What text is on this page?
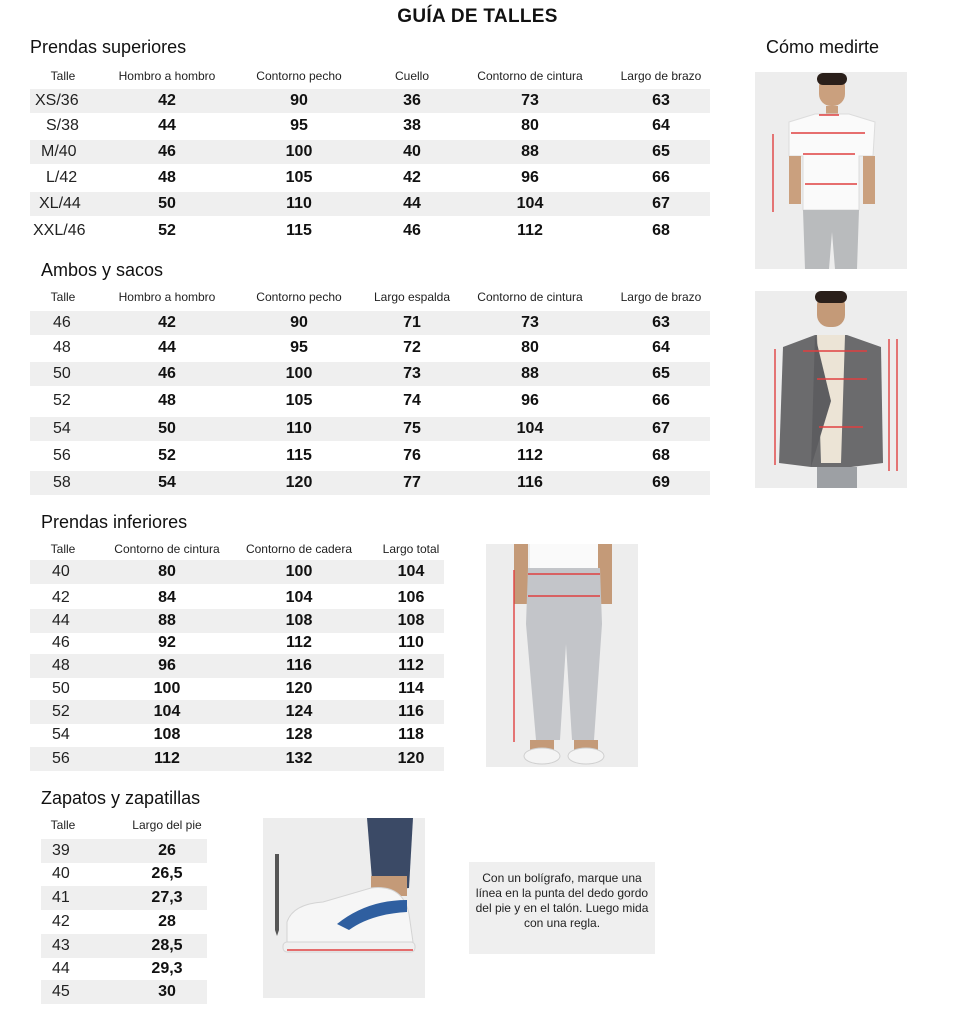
GUÍA DE TALLES
Prendas superiores	Cómo medirte
Talle	Hombro a hombro	Contorno pecho	Cuello	Contorno de cintura	Largo de brazo
XS/36	42	90	36	73	63
S/38	44	95	38	80	64
M/40	46	100	40	88	65
L/42	48	105	42	96	66
XL/44	50	110	44	104	67
XXL/46	52	115	46	112	68
Ambos y sacos
Talle	Hombro a hombro	Contorno pecho	Largo espalda	Contorno de cintura	Largo de brazo
46	42	90	71	73	63
48	44	95	72	80	64
50	46	100	73	88	65
52	48	105	74	96	66
54	50	110	75	104	67
56	52	115	76	112	68
58	54	120	77	116	69
Prendas inferiores
Talle	Contorno de cintura	Contorno de cadera	Largo total
40	80	100	104
42	84	104	106
44	88	108	108
46	92	112	110
48	96	116	112
50	100	120	114
52	104	124	116
54	108	128	118
56	112	132	120
Zapatos y zapatillas
Talle	Largo del pie
39	26
40	26,5
41	27,3
42	28
43	28,5
44	29,3
45	30
Con un bolígrafo, marque una línea en la punta del dedo gordo del pie y en el talón. Luego mida con una regla.
